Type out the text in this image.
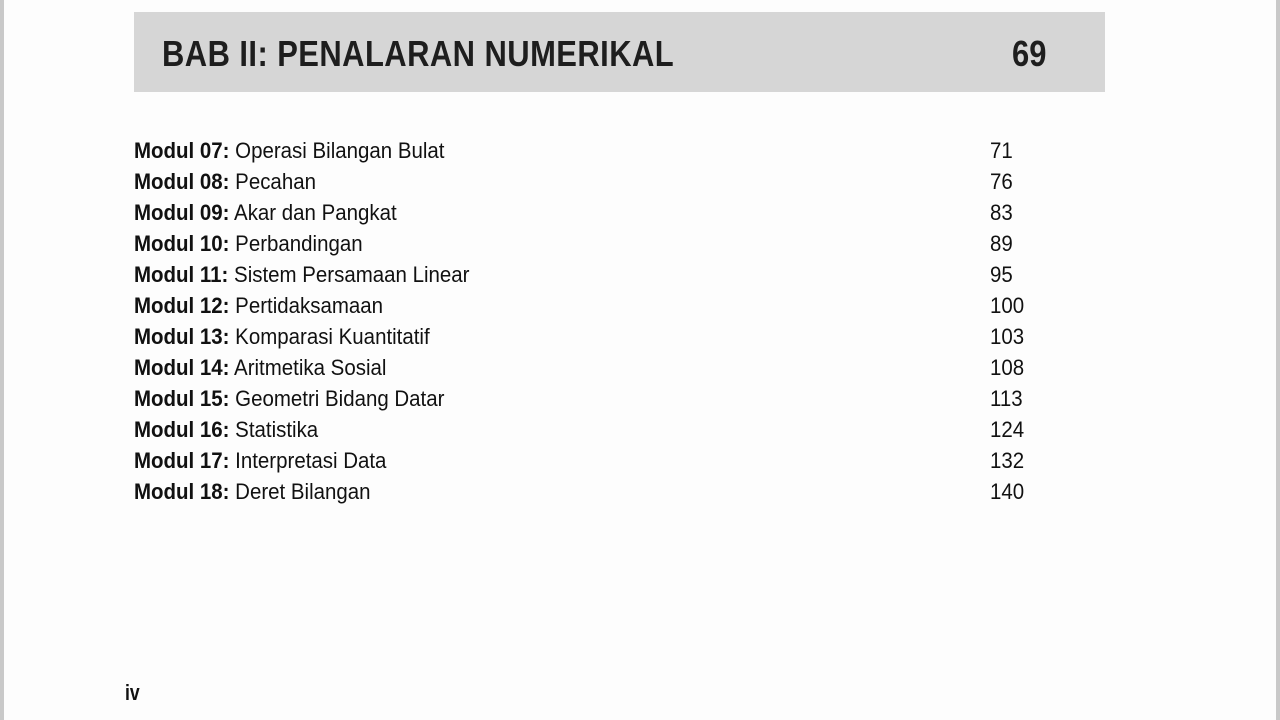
BAB II: PENALARAN NUMERIKAL	69
Modul 07: Operasi Bilangan Bulat	71
Modul 08: Pecahan	76
Modul 09: Akar dan Pangkat	83
Modul 10: Perbandingan	89
Modul 11: Sistem Persamaan Linear	95
Modul 12: Pertidaksamaan	100
Modul 13: Komparasi Kuantitatif	103
Modul 14: Aritmetika Sosial	108
Modul 15: Geometri Bidang Datar	113
Modul 16: Statistika	124
Modul 17: Interpretasi Data	132
Modul 18: Deret Bilangan	140
iv
